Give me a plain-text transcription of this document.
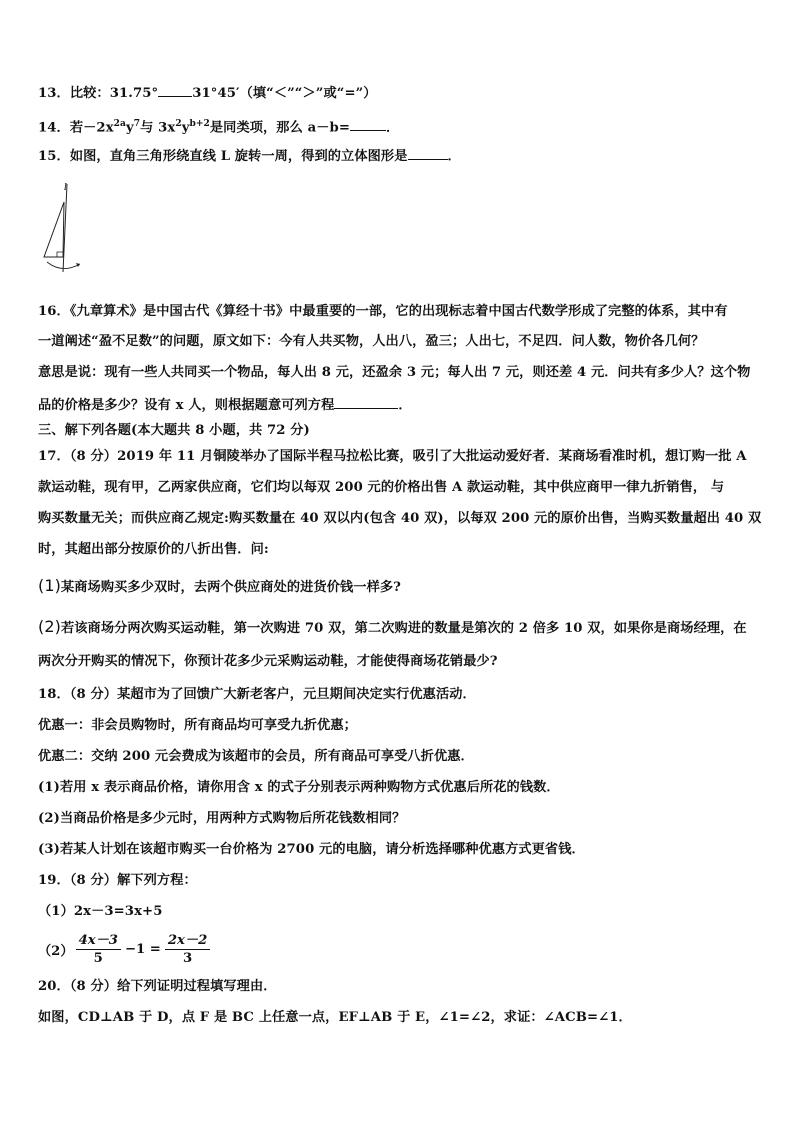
13．比较：31.75°	31°45′（填“＜”“＞”或“=”）
14．若$-2x^{2a}y^7$与 $3x^2y^{b+2}$是同类项，那么 a－b=	．
15．如图，直角三角形绕直线 L 旋转一周，得到的立体图形是	．
l
16．《九章算术》是中国古代《算经十书》中最重要的一部，它的出现标志着中国古代数学形成了完整的体系，其中有
一道阐述“盈不足数”的问题，原文如下：今有人共买物，人出八，盈三；人出七，不足四．问人数，物价各几何？
意思是说：现有一些人共同买一个物品，每人出 8 元，还盈余 3 元；每人出 7 元，则还差 4 元．问共有多少人？这个物
品的价格是多少？设有 x 人，则根据题意可列方程	．
三、解下列各题(本大题共 8 小题，共 72 分)
17．（8 分）2019 年 11 月铜陵举办了国际半程马拉松比赛，吸引了大批运动爱好者．某商场看准时机，想订购一批 A
款运动鞋，现有甲，乙两家供应商，它们均以每双 200 元的价格出售 A 款运动鞋，其中供应商甲一律九折销售， 与
购买数量无关；而供应商乙规定:购买数量在 40 双以内(包含 40 双)，以每双 200 元的原价出售，当购买数量超出 40 双
时，其超出部分按原价的八折出售．问:
(1)某商场购买多少双时，去两个供应商处的进货价钱一样多?
(2)若该商场分两次购买运动鞋，第一次购进 70 双，第二次购进的数量是第次的 2 倍多 10 双，如果你是商场经理，在
两次分开购买的情况下，你预计花多少元采购运动鞋，才能使得商场花销最少?
18．（8 分）某超市为了回馈广大新老客户，元旦期间决定实行优惠活动．
优惠一：非会员购物时，所有商品均可享受九折优惠；
优惠二：交纳 200 元会费成为该超市的会员，所有商品可享受八折优惠．
(1)若用 x 表示商品价格，请你用含 x 的式子分别表示两种购物方式优惠后所花的钱数．
(2)当商品价格是多少元时，用两种方式购物后所花钱数相同？
(3)若某人计划在该超市购买一台价格为 2700 元的电脑，请分析选择哪种优惠方式更省钱．
19．（8 分）解下列方程：
（1）2x－3=3x+5
$(2) \frac{4x-3}{5} -1 = \frac{2x-2}{3}$
20．（8 分）给下列证明过程填写理由．
如图，CD⊥AB 于 D，点 F 是 BC 上任意一点，EF⊥AB 于 E，∠1=∠2，求证：∠ACB=∠1．
